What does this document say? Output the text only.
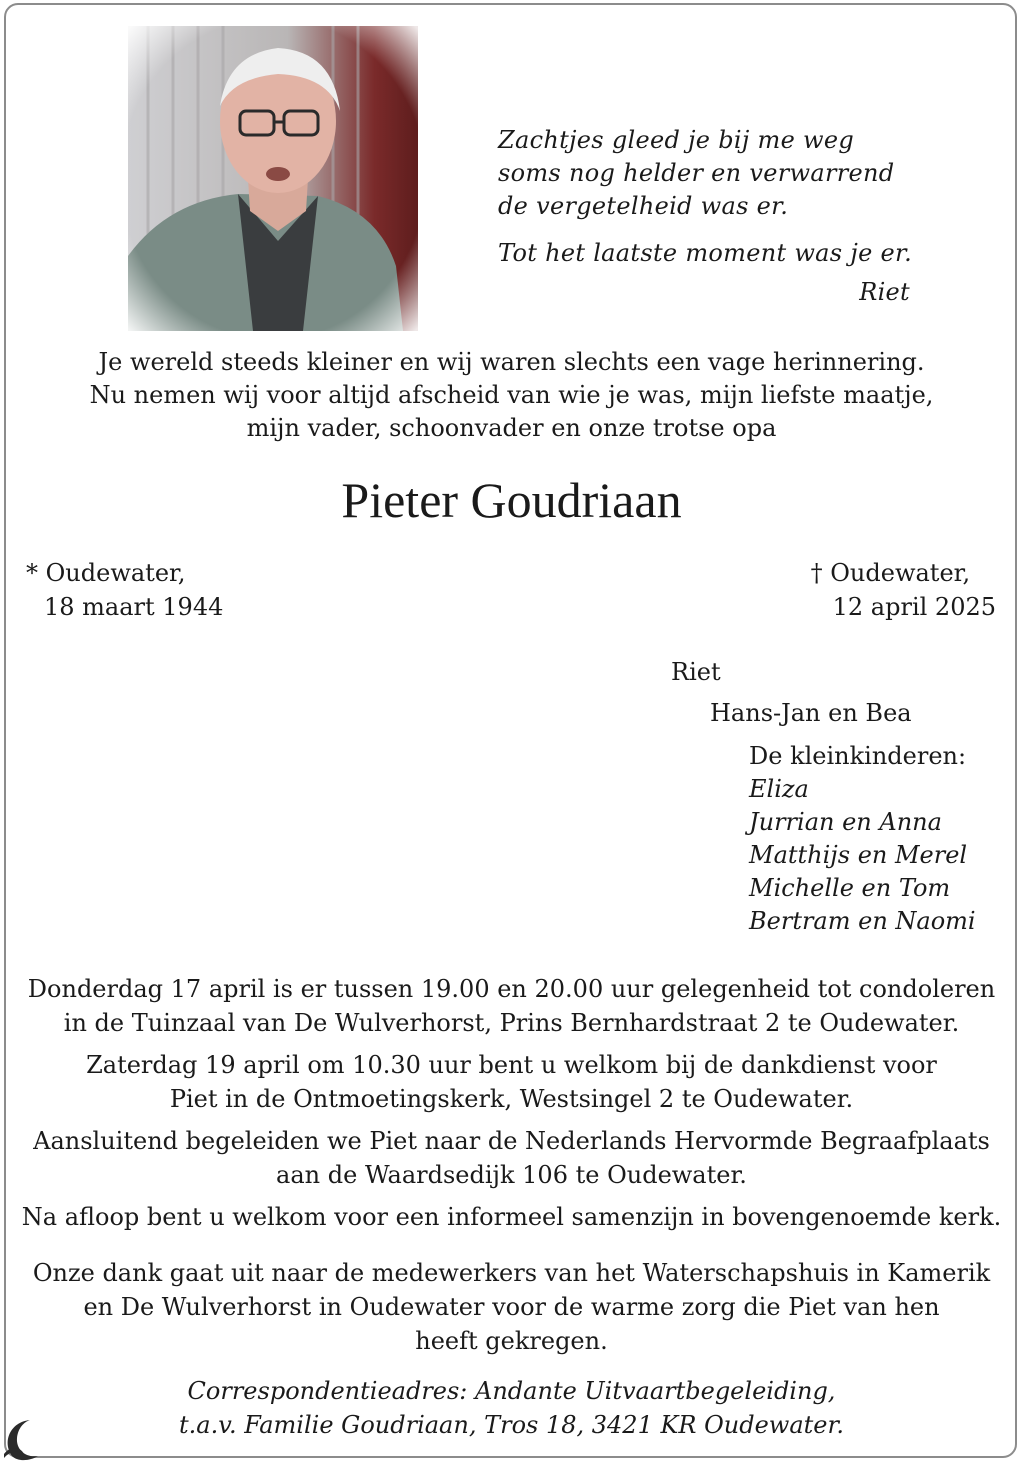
Zachtjes gleed je bij me weg
soms nog helder en verwarrend
de vergetelheid was er.
Tot het laatste moment was je er.
Riet
Je wereld steeds kleiner en wij waren slechts een vage herinnering.
Nu nemen wij voor altijd afscheid van wie je was, mijn liefste maatje,
mijn vader, schoonvader en onze trotse opa
Pieter Goudriaan
* Oudewater,
18 maart 1944
† Oudewater,
12 april 2025
Riet
Hans-Jan en Bea
De kleinkinderen:
Eliza
Jurrian en Anna
Matthijs en Merel
Michelle en Tom
Bertram en Naomi
Donderdag 17 april is er tussen 19.00 en 20.00 uur gelegenheid tot condoleren
in de Tuinzaal van De Wulverhorst, Prins Bernhardstraat 2 te Oudewater.
Zaterdag 19 april om 10.30 uur bent u welkom bij de dankdienst voor
Piet in de Ontmoetingskerk, Westsingel 2 te Oudewater.
Aansluitend begeleiden we Piet naar de Nederlands Hervormde Begraafplaats
aan de Waardsedijk 106 te Oudewater.
Na afloop bent u welkom voor een informeel samenzijn in bovengenoemde kerk.
Onze dank gaat uit naar de medewerkers van het Waterschapshuis in Kamerik
en De Wulverhorst in Oudewater voor de warme zorg die Piet van hen
heeft gekregen.
Correspondentieadres: Andante Uitvaartbegeleiding,
t.a.v. Familie Goudriaan, Tros 18, 3421 KR Oudewater.
